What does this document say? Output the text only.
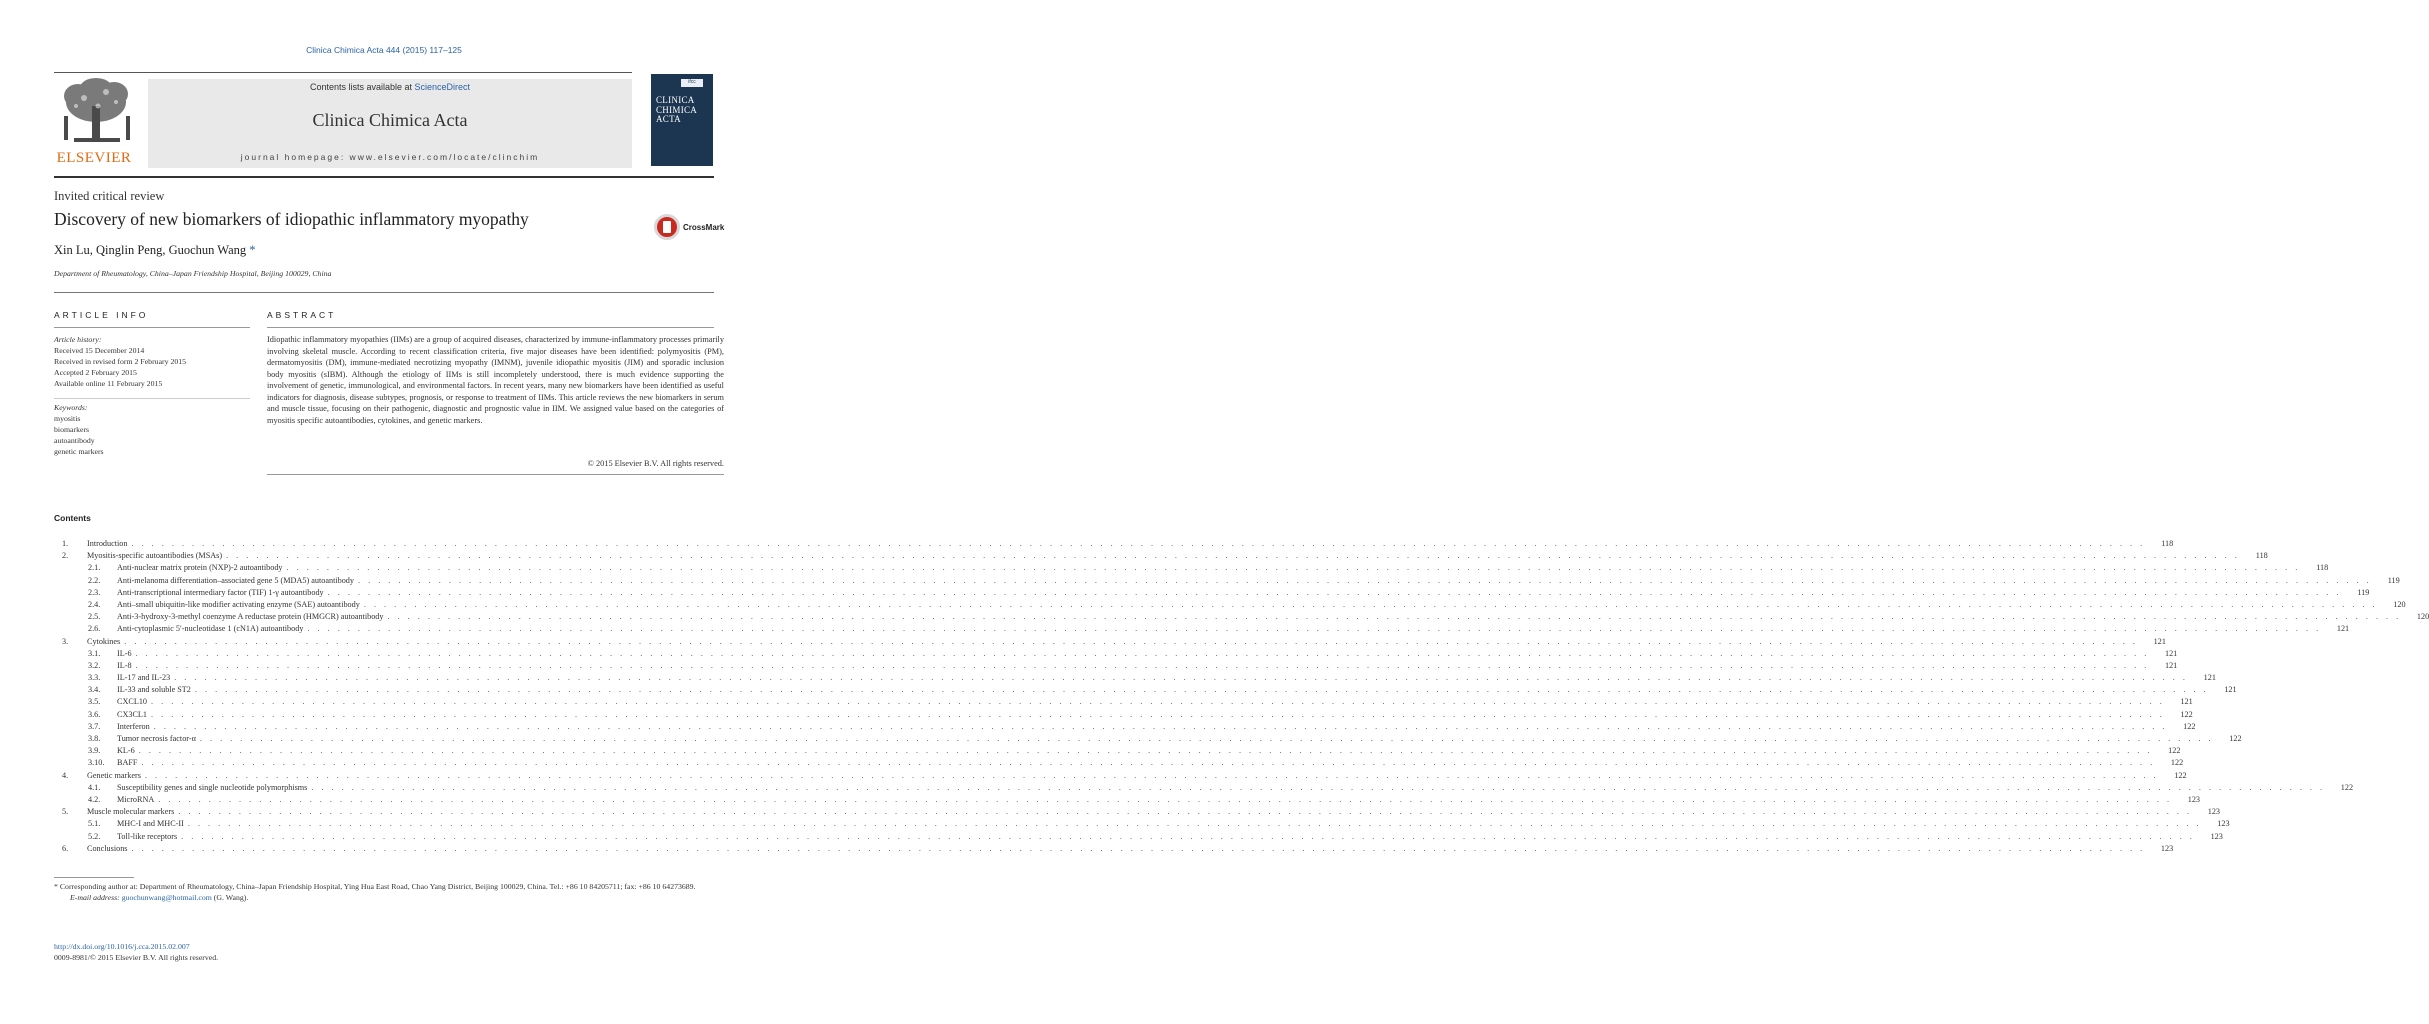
Clinica Chimica Acta 444 (2015) 117–125
ELSEVIER
Contents lists available at ScienceDirect
Clinica Chimica Acta
journal homepage: www.elsevier.com/locate/clinchim
ifcc
CLINICA
CHIMICA
ACTA
Invited critical review
Discovery of new biomarkers of idiopathic inflammatory myopathy
Xin Lu, Qinglin Peng, Guochun Wang *
Department of Rheumatology, China–Japan Friendship Hospital, Beijing 100029, China
CrossMark
ARTICLE INFO	ABSTRACT
Article history:
Received 15 December 2014
Received in revised form 2 February 2015
Accepted 2 February 2015
Available online 11 February 2015
Keywords:
myositis
biomarkers
autoantibody
genetic markers
Idiopathic inflammatory myopathies (IIMs) are a group of acquired diseases, characterized by immune-inflammatory processes primarily involving skeletal muscle. According to recent classification criteria, five major diseases have been identified: polymyositis (PM), dermatomyositis (DM), immune-mediated necrotizing myopathy (IMNM), juvenile idiopathic myositis (JIM) and sporadic inclusion body myositis (sIBM). Although the etiology of IIMs is still incompletely understood, there is much evidence supporting the involvement of genetic, immunological, and environmental factors. In recent years, many new biomarkers have been identified as useful indicators for diagnosis, disease subtypes, prognosis, or response to treatment of IIMs. This article reviews the new biomarkers in serum and muscle tissue, focusing on their pathogenic, diagnostic and prognostic value in IIM. We assigned value based on the categories of myositis specific autoantibodies, cytokines, and genetic markers.
© 2015 Elsevier B.V. All rights reserved.
Contents
1.	Introduction . . . . . . . . . . . . . . . . . . . . . . . . . . . . . . . . . . . . . . . . . . . . . . . . . . . . . . . . . . . . . . . . . . . . . . . . . . . . . . . . . . . . . . . . . . . . . . . . . . . . . . . . . . . . . . . . . . . . . . . . . . . . . . . . . . . . . . . . . . . . . . . . . . . . . . . . . . . . . . . . . . . . . . . . . . . . . . . . . . . . . . . . . . . . . . . . . . . . . . . .	118
2.	Myositis-specific autoantibodies (MSAs) . . . . . . . . . . . . . . . . . . . . . . . . . . . . . . . . . . . . . . . . . . . . . . . . . . . . . . . . . . . . . . . . . . . . . . . . . . . . . . . . . . . . . . . . . . . . . . . . . . . . . . . . . . . . . . . . . . . . . . . . . . . . . . . . . . . . . . . . . . . . . . . . . . . . . . . . . . . . . . . . . . . . . . . . . . . . . . . . . . . . . . . . . . . . . . . . . . . . . . . .	118
2.1.	Anti-nuclear matrix protein (NXP)-2 autoantibody . . . . . . . . . . . . . . . . . . . . . . . . . . . . . . . . . . . . . . . . . . . . . . . . . . . . . . . . . . . . . . . . . . . . . . . . . . . . . . . . . . . . . . . . . . . . . . . . . . . . . . . . . . . . . . . . . . . . . . . . . . . . . . . . . . . . . . . . . . . . . . . . . . . . . . . . . . . . . . . . . . . . . . . . . . . . . . . . . . . . . . . . . . . . . . . . . . . . . . . .	118
2.2.	Anti-melanoma differentiation–associated gene 5 (MDA5) autoantibody . . . . . . . . . . . . . . . . . . . . . . . . . . . . . . . . . . . . . . . . . . . . . . . . . . . . . . . . . . . . . . . . . . . . . . . . . . . . . . . . . . . . . . . . . . . . . . . . . . . . . . . . . . . . . . . . . . . . . . . . . . . . . . . . . . . . . . . . . . . . . . . . . . . . . . . . . . . . . . . . . . . . . . . . . . . . . . . . . . . . . . . . . . . . . . . . . . . . . . . .	119
2.3.	Anti-transcriptional intermediary factor (TIF) 1-γ autoantibody . . . . . . . . . . . . . . . . . . . . . . . . . . . . . . . . . . . . . . . . . . . . . . . . . . . . . . . . . . . . . . . . . . . . . . . . . . . . . . . . . . . . . . . . . . . . . . . . . . . . . . . . . . . . . . . . . . . . . . . . . . . . . . . . . . . . . . . . . . . . . . . . . . . . . . . . . . . . . . . . . . . . . . . . . . . . . . . . . . . . . . . . . . . . . . . . . . . . . . . .	119
2.4.	Anti–small ubiquitin-like modifier activating enzyme (SAE) autoantibody . . . . . . . . . . . . . . . . . . . . . . . . . . . . . . . . . . . . . . . . . . . . . . . . . . . . . . . . . . . . . . . . . . . . . . . . . . . . . . . . . . . . . . . . . . . . . . . . . . . . . . . . . . . . . . . . . . . . . . . . . . . . . . . . . . . . . . . . . . . . . . . . . . . . . . . . . . . . . . . . . . . . . . . . . . . . . . . . . . . . . . . . . . . . . . . . . . . . . . . .	120
2.5.	Anti-3-hydroxy-3-methyl coenzyme A reductase protein (HMGCR) autoantibody . . . . . . . . . . . . . . . . . . . . . . . . . . . . . . . . . . . . . . . . . . . . . . . . . . . . . . . . . . . . . . . . . . . . . . . . . . . . . . . . . . . . . . . . . . . . . . . . . . . . . . . . . . . . . . . . . . . . . . . . . . . . . . . . . . . . . . . . . . . . . . . . . . . . . . . . . . . . . . . . . . . . . . . . . . . . . . . . . . . . . . . . . . . . . . . . . . . . . . . .	120
2.6.	Anti-cytoplasmic 5′-nucleotidase 1 (cN1A) autoantibody . . . . . . . . . . . . . . . . . . . . . . . . . . . . . . . . . . . . . . . . . . . . . . . . . . . . . . . . . . . . . . . . . . . . . . . . . . . . . . . . . . . . . . . . . . . . . . . . . . . . . . . . . . . . . . . . . . . . . . . . . . . . . . . . . . . . . . . . . . . . . . . . . . . . . . . . . . . . . . . . . . . . . . . . . . . . . . . . . . . . . . . . . . . . . . . . . . . . . . . .	121
3.	Cytokines . . . . . . . . . . . . . . . . . . . . . . . . . . . . . . . . . . . . . . . . . . . . . . . . . . . . . . . . . . . . . . . . . . . . . . . . . . . . . . . . . . . . . . . . . . . . . . . . . . . . . . . . . . . . . . . . . . . . . . . . . . . . . . . . . . . . . . . . . . . . . . . . . . . . . . . . . . . . . . . . . . . . . . . . . . . . . . . . . . . . . . . . . . . . . . . . . . . . . . . .	121
3.1.	IL-6 . . . . . . . . . . . . . . . . . . . . . . . . . . . . . . . . . . . . . . . . . . . . . . . . . . . . . . . . . . . . . . . . . . . . . . . . . . . . . . . . . . . . . . . . . . . . . . . . . . . . . . . . . . . . . . . . . . . . . . . . . . . . . . . . . . . . . . . . . . . . . . . . . . . . . . . . . . . . . . . . . . . . . . . . . . . . . . . . . . . . . . . . . . . . . . . . . . . . . . . .	121
3.2.	IL-8 . . . . . . . . . . . . . . . . . . . . . . . . . . . . . . . . . . . . . . . . . . . . . . . . . . . . . . . . . . . . . . . . . . . . . . . . . . . . . . . . . . . . . . . . . . . . . . . . . . . . . . . . . . . . . . . . . . . . . . . . . . . . . . . . . . . . . . . . . . . . . . . . . . . . . . . . . . . . . . . . . . . . . . . . . . . . . . . . . . . . . . . . . . . . . . . . . . . . . . . .	121
3.3.	IL-17 and IL-23 . . . . . . . . . . . . . . . . . . . . . . . . . . . . . . . . . . . . . . . . . . . . . . . . . . . . . . . . . . . . . . . . . . . . . . . . . . . . . . . . . . . . . . . . . . . . . . . . . . . . . . . . . . . . . . . . . . . . . . . . . . . . . . . . . . . . . . . . . . . . . . . . . . . . . . . . . . . . . . . . . . . . . . . . . . . . . . . . . . . . . . . . . . . . . . . . . . . . . . . .	121
3.4.	IL-33 and soluble ST2 . . . . . . . . . . . . . . . . . . . . . . . . . . . . . . . . . . . . . . . . . . . . . . . . . . . . . . . . . . . . . . . . . . . . . . . . . . . . . . . . . . . . . . . . . . . . . . . . . . . . . . . . . . . . . . . . . . . . . . . . . . . . . . . . . . . . . . . . . . . . . . . . . . . . . . . . . . . . . . . . . . . . . . . . . . . . . . . . . . . . . . . . . . . . . . . . . . . . . . . .	121
3.5.	CXCL10 . . . . . . . . . . . . . . . . . . . . . . . . . . . . . . . . . . . . . . . . . . . . . . . . . . . . . . . . . . . . . . . . . . . . . . . . . . . . . . . . . . . . . . . . . . . . . . . . . . . . . . . . . . . . . . . . . . . . . . . . . . . . . . . . . . . . . . . . . . . . . . . . . . . . . . . . . . . . . . . . . . . . . . . . . . . . . . . . . . . . . . . . . . . . . . . . . . . . . . . .	121
3.6.	CX3CL1 . . . . . . . . . . . . . . . . . . . . . . . . . . . . . . . . . . . . . . . . . . . . . . . . . . . . . . . . . . . . . . . . . . . . . . . . . . . . . . . . . . . . . . . . . . . . . . . . . . . . . . . . . . . . . . . . . . . . . . . . . . . . . . . . . . . . . . . . . . . . . . . . . . . . . . . . . . . . . . . . . . . . . . . . . . . . . . . . . . . . . . . . . . . . . . . . . . . . . . . .	122
3.7.	Interferon . . . . . . . . . . . . . . . . . . . . . . . . . . . . . . . . . . . . . . . . . . . . . . . . . . . . . . . . . . . . . . . . . . . . . . . . . . . . . . . . . . . . . . . . . . . . . . . . . . . . . . . . . . . . . . . . . . . . . . . . . . . . . . . . . . . . . . . . . . . . . . . . . . . . . . . . . . . . . . . . . . . . . . . . . . . . . . . . . . . . . . . . . . . . . . . . . . . . . . . .	122
3.8.	Tumor necrosis factor-α . . . . . . . . . . . . . . . . . . . . . . . . . . . . . . . . . . . . . . . . . . . . . . . . . . . . . . . . . . . . . . . . . . . . . . . . . . . . . . . . . . . . . . . . . . . . . . . . . . . . . . . . . . . . . . . . . . . . . . . . . . . . . . . . . . . . . . . . . . . . . . . . . . . . . . . . . . . . . . . . . . . . . . . . . . . . . . . . . . . . . . . . . . . . . . . . . . . . . . . .	122
3.9.	KL-6 . . . . . . . . . . . . . . . . . . . . . . . . . . . . . . . . . . . . . . . . . . . . . . . . . . . . . . . . . . . . . . . . . . . . . . . . . . . . . . . . . . . . . . . . . . . . . . . . . . . . . . . . . . . . . . . . . . . . . . . . . . . . . . . . . . . . . . . . . . . . . . . . . . . . . . . . . . . . . . . . . . . . . . . . . . . . . . . . . . . . . . . . . . . . . . . . . . . . . . . .	122
3.10.	BAFF . . . . . . . . . . . . . . . . . . . . . . . . . . . . . . . . . . . . . . . . . . . . . . . . . . . . . . . . . . . . . . . . . . . . . . . . . . . . . . . . . . . . . . . . . . . . . . . . . . . . . . . . . . . . . . . . . . . . . . . . . . . . . . . . . . . . . . . . . . . . . . . . . . . . . . . . . . . . . . . . . . . . . . . . . . . . . . . . . . . . . . . . . . . . . . . . . . . . . . . .	122
4.	Genetic markers . . . . . . . . . . . . . . . . . . . . . . . . . . . . . . . . . . . . . . . . . . . . . . . . . . . . . . . . . . . . . . . . . . . . . . . . . . . . . . . . . . . . . . . . . . . . . . . . . . . . . . . . . . . . . . . . . . . . . . . . . . . . . . . . . . . . . . . . . . . . . . . . . . . . . . . . . . . . . . . . . . . . . . . . . . . . . . . . . . . . . . . . . . . . . . . . . . . . . . . .	122
4.1.	Susceptibility genes and single nucleotide polymorphisms . . . . . . . . . . . . . . . . . . . . . . . . . . . . . . . . . . . . . . . . . . . . . . . . . . . . . . . . . . . . . . . . . . . . . . . . . . . . . . . . . . . . . . . . . . . . . . . . . . . . . . . . . . . . . . . . . . . . . . . . . . . . . . . . . . . . . . . . . . . . . . . . . . . . . . . . . . . . . . . . . . . . . . . . . . . . . . . . . . . . . . . . . . . . . . . . . . . . . . . .	122
4.2.	MicroRNA . . . . . . . . . . . . . . . . . . . . . . . . . . . . . . . . . . . . . . . . . . . . . . . . . . . . . . . . . . . . . . . . . . . . . . . . . . . . . . . . . . . . . . . . . . . . . . . . . . . . . . . . . . . . . . . . . . . . . . . . . . . . . . . . . . . . . . . . . . . . . . . . . . . . . . . . . . . . . . . . . . . . . . . . . . . . . . . . . . . . . . . . . . . . . . . . . . . . . . . .	123
5.	Muscle molecular markers . . . . . . . . . . . . . . . . . . . . . . . . . . . . . . . . . . . . . . . . . . . . . . . . . . . . . . . . . . . . . . . . . . . . . . . . . . . . . . . . . . . . . . . . . . . . . . . . . . . . . . . . . . . . . . . . . . . . . . . . . . . . . . . . . . . . . . . . . . . . . . . . . . . . . . . . . . . . . . . . . . . . . . . . . . . . . . . . . . . . . . . . . . . . . . . . . . . . . . . .	123
5.1.	MHC-I and MHC-II . . . . . . . . . . . . . . . . . . . . . . . . . . . . . . . . . . . . . . . . . . . . . . . . . . . . . . . . . . . . . . . . . . . . . . . . . . . . . . . . . . . . . . . . . . . . . . . . . . . . . . . . . . . . . . . . . . . . . . . . . . . . . . . . . . . . . . . . . . . . . . . . . . . . . . . . . . . . . . . . . . . . . . . . . . . . . . . . . . . . . . . . . . . . . . . . . . . . . . . .	123
5.2.	Toll-like receptors . . . . . . . . . . . . . . . . . . . . . . . . . . . . . . . . . . . . . . . . . . . . . . . . . . . . . . . . . . . . . . . . . . . . . . . . . . . . . . . . . . . . . . . . . . . . . . . . . . . . . . . . . . . . . . . . . . . . . . . . . . . . . . . . . . . . . . . . . . . . . . . . . . . . . . . . . . . . . . . . . . . . . . . . . . . . . . . . . . . . . . . . . . . . . . . . . . . . . . . .	123
6.	Conclusions . . . . . . . . . . . . . . . . . . . . . . . . . . . . . . . . . . . . . . . . . . . . . . . . . . . . . . . . . . . . . . . . . . . . . . . . . . . . . . . . . . . . . . . . . . . . . . . . . . . . . . . . . . . . . . . . . . . . . . . . . . . . . . . . . . . . . . . . . . . . . . . . . . . . . . . . . . . . . . . . . . . . . . . . . . . . . . . . . . . . . . . . . . . . . . . . . . . . . . . .	123
* Corresponding author at: Department of Rheumatology, China–Japan Friendship Hospital, Ying Hua East Road, Chao Yang District, Beijing 100029, China. Tel.: +86 10 84205711; fax: +86 10 64273689.
E-mail address: guochunwang@hotmail.com (G. Wang).
http://dx.doi.org/10.1016/j.cca.2015.02.007
0009-8981/© 2015 Elsevier B.V. All rights reserved.
